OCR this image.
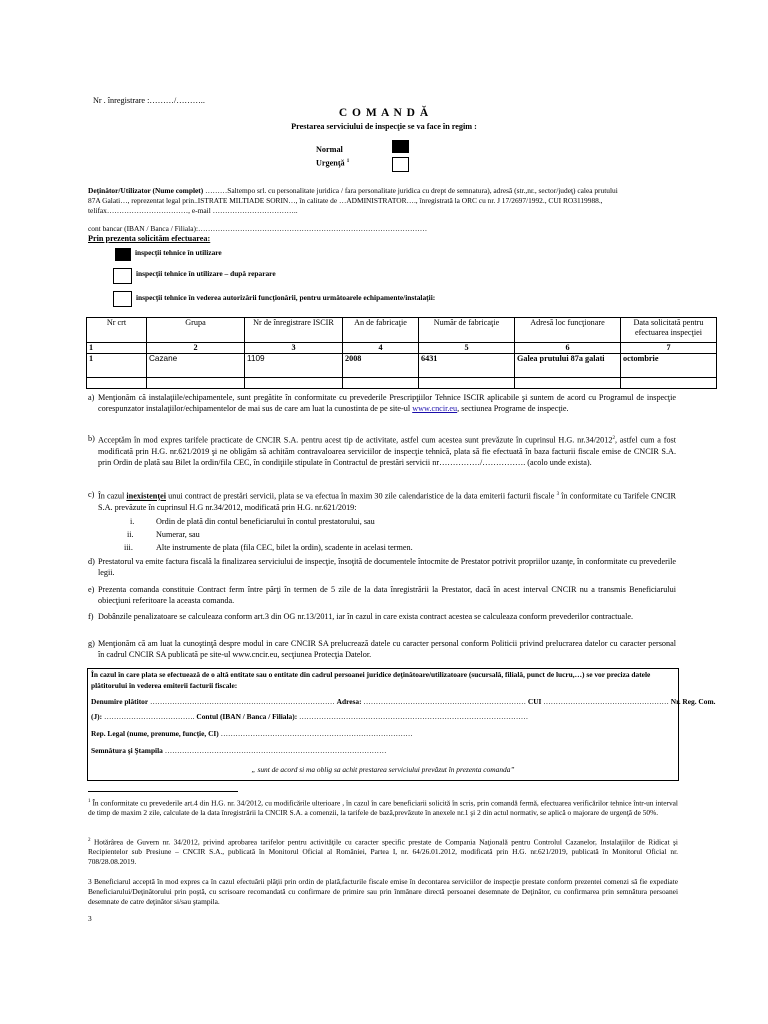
Nr . înregistrare :………/………..
C O M A N D Ă
Prestarea serviciului de inspecţie se va face în regim :
Normal
Urgenţă $^1$
Deţinător/Utilizator (Nume complet) ………Saltempo srl. cu personalitate juridica / fara personalitate juridica cu drept de semnatura), adresă (str.,nr., sector/judeţ) calea prutului
87A Galati…, reprezentat legal prin..ISTRATE MILTIADE SORIN…, în calitate de …ADMINISTRATOR…., înregistrată la ORC cu nr. J 17/2697/1992., CUI RO3119988.,
telifax……………………………, e-mail ……………………………..
cont bancar (IBAN / Banca / Filiala):…………………………………………………………………………………
Prin prezenta solicităm efectuarea:
inspecţii tehnice în utilizare
inspecţii tehnice în utilizare – după reparare
inspecţii tehnice în vederea autorizării funcţionării, pentru următoarele echipamente/instalaţii:
Nr crt	Grupa	Nr de înregistrare ISCIR	An de fabricaţie	Număr de fabricaţie	Adresă loc funcţionare	Data solicitată pentru efectuarea inspecţiei
1	2	3	4	5	6	7
1	Cazane	1109	2008	6431	Galea prutului 87a galati	octombrie

a) Menţionăm că instalaţiile/echipamentele, sunt pregătite în conformitate cu prevederile Prescripţiilor Tehnice ISCIR aplicabile şi suntem de acord cu Programul de inspecţie corespunzator instalaţiilor/echipamentelor de mai sus de care am luat la cunostinta de pe site-ul www.cncir.eu, sectiunea Programe de inspecţie.
b) Acceptăm în mod expres tarifele practicate de CNCIR S.A. pentru acest tip de activitate, astfel cum acestea sunt prevăzute în cuprinsul H.G. nr.34/2012$^2$, astfel cum a fost modificată prin H.G. nr.621/2019 şi ne obligăm să achităm contravaloarea serviciilor de inspecţie tehnică, plata să fie efectuată în baza facturii fiscale emise de CNCIR S.A. prin Ordin de plată sau Bilet la ordin/fila CEC, în condiţiile stipulate în Contractul de prestări servicii nr……………/……………. (acolo unde exista).
c) În cazul inexistenţei unui contract de prestări servicii, plata se va efectua în maxim 30 zile calendaristice de la data emiterii facturii fiscale $^3$ în conformitate cu Tarifele CNCIR S.A. prevăzute în cuprinsul H.G nr.34/2012, modificată prin H.G. nr.621/2019:
i.	Ordin de plată din contul beneficiarului în contul prestatorului, sau
ii.	Numerar, sau
iii.	Alte instrumente de plata (fila CEC, bilet la ordin), scadente in acelasi termen.
d) Prestatorul va emite factura fiscală la finalizarea serviciului de inspecţie, însoţită de documentele întocmite de Prestator potrivit propriilor uzanţe, în conformitate cu prevederile legii.
e) Prezenta comanda constituie Contract ferm între părţi în termen de 5 zile de la data înregistrării la Prestator, dacă în acest interval CNCIR nu a transmis Beneficiarului obiecţiuni referitoare la aceasta comanda.
f) Dobânzile penalizatoare se calculeaza conform art.3 din OG nr.13/2011, iar în cazul in care exista contract acestea se calculeaza conform prevederilor contractuale.
g) Menţionăm că am luat la cunoştinţă despre modul in care CNCIR SA prelucrează datele cu caracter personal conform Politicii privind prelucrarea datelor cu caracter personal în cadrul CNCIR SA publicată pe site-ul www.cncir.eu, secţiunea Protecţia Datelor.
În cazul în care plata se efectuează de o altă entitate sau o entitate din cadrul persoanei juridice deţinătoare/utilizatoare (sucursală, filială, punct de lucru,…) se vor preciza datele plătitorului în vederea emiterii facturii fiscale:
Denumire plătitor ………………………………………………………………… Adresa: ………………………………………………………… CUI …………………………………………… Nr. Reg. Com.
(J): ………………………………. Contul (IBAN / Banca / Filiala): …………………………………………………………………………………
Rep. Legal (nume, prenume, funcţie, CI) ……………………………………………………………………
Semnătura şi Ştampila ………………………………………………………………………………
„ sunt de acord si ma oblig sa achit prestarea serviciului prevăzut în prezenta comanda”
$^1$ În conformitate cu prevederile art.4 din H.G. nr. 34/2012, cu modificările ulterioare , în cazul în care beneficiarii solicită în scris, prin comandă fermă, efectuarea verificărilor tehnice într-un interval de timp de maxim 2 zile, calculate de la data înregistrării la CNCIR S.A. a comenzii, la tarifele de bază,prevăzute în anexele nr.1 şi 2 din actul normativ, se aplică o majorare de urgenţă de 50%.
$^2$ Hotărârea de Guvern nr. 34/2012, privind aprobarea tarifelor pentru activităţile cu caracter specific prestate de Compania Naţională pentru Controlul Cazanelor, Instalaţiilor de Ridicat şi Recipientelor sub Presiune – CNCIR S.A., publicată în Monitorul Oficial al României, Partea I, nr. 64/26.01.2012, modificată prin H.G. nr.621/2019, publicată în Monitorul Oficial nr. 708/28.08.2019.
3 Beneficiarul acceptă în mod expres ca în cazul efectuării plăţii prin ordin de plată,facturile fiscale emise în decontarea serviciilor de inspecţie prestate conform prezentei comenzi să fie expediate Beneficiarului/Deţinătorului prin poştă, cu scrisoare recomandată cu confirmare de primire sau prin înmânare directă persoanei desemnate de Deţinător, cu confirmarea prin semnătura persoanei desemnate de catre deţinător si/sau ştampila.
3
